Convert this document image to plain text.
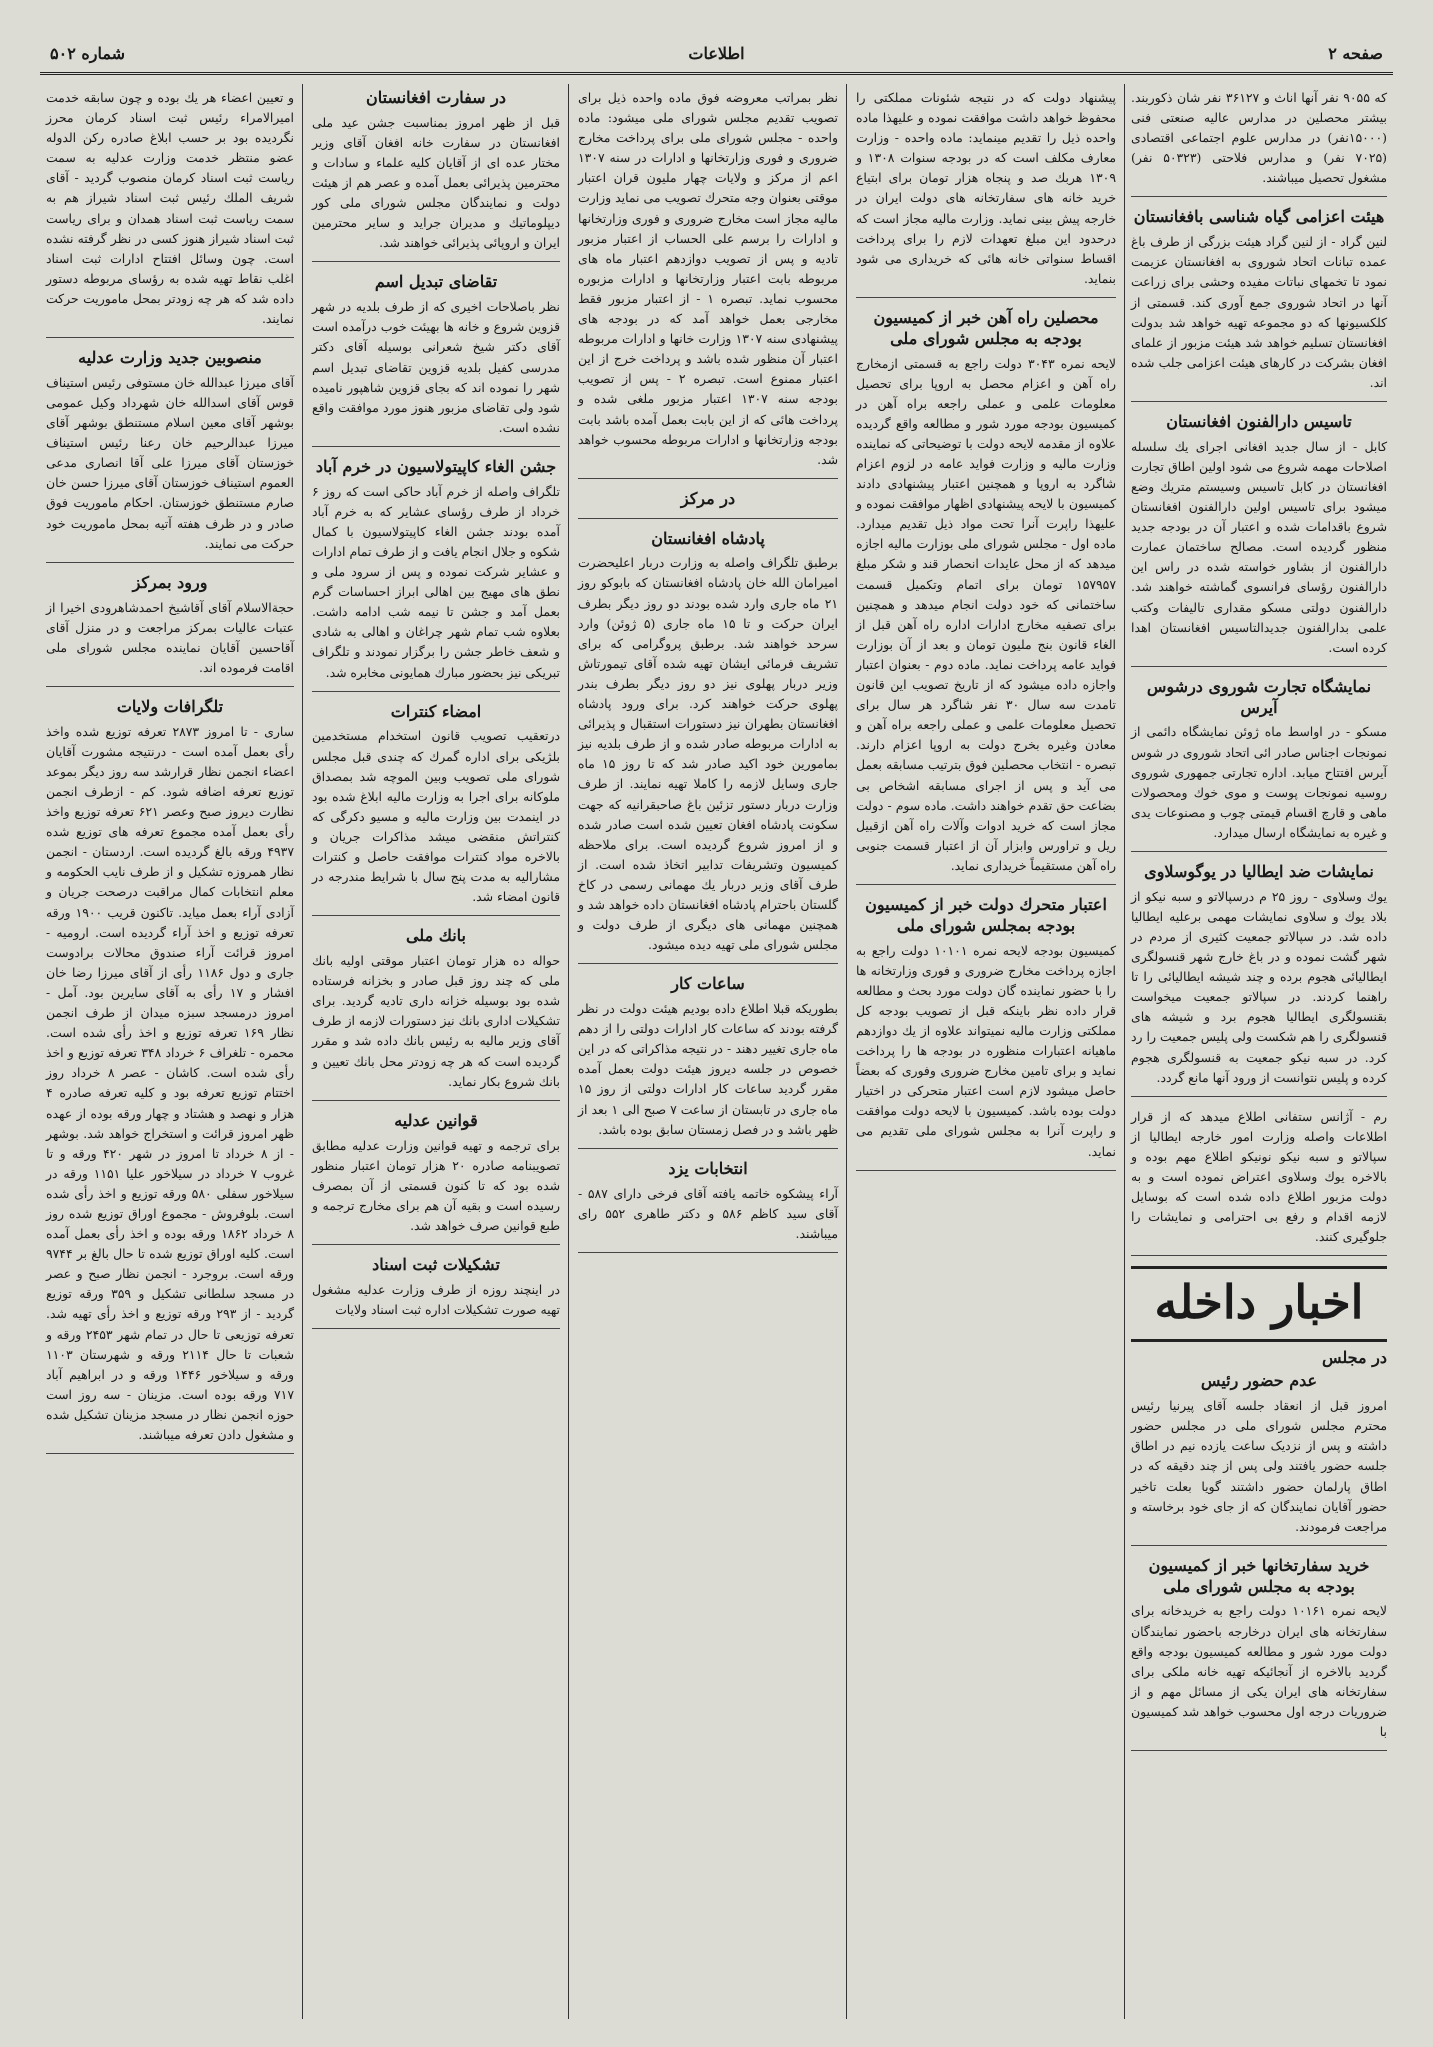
صفحه ۲
اطلاعات
شماره ۵۰۲

که ۹۰۵۵ نفر آنها اناث و ۳۶۱۲۷ نفر شان ذکوربند. بیشتر محصلین در مدارس عالیه صنعتی فنی (۱۵۰۰۰نفر) در مدارس علوم اجتماعی اقتصادی (۷۰۲۵ نفر) و مدارس فلاحتی (۵۰۳۲۳ نفر) مشغول تحصیل میباشند.

هیئت اعزامی گیاه شناسی بافغانستان

لنین گراد - از لنین گراد هیئت بزرگی از طرف باغ عمده تبانات اتحاد شوروی به افغانستان عزیمت نمود تا تخمهای نباتات مفیده وحشی برای زراعت آنها در اتحاد شوروی جمع آوری کند. قسمتی از کلکسیونها که دو مجموعه تهیه خواهد شد بدولت افغانستان تسلیم خواهد شد هیئت مزبور از علمای افغان بشرکت در کارهای هیئت اعزامی جلب شده اند.

تاسیس دارالفنون افغانستان

کابل - از سال جدید افغانی اجرای یك سلسله اصلاحات مهمه شروع می شود اولین اطاق تجارت افغانستان در کابل تاسیس وسیستم متریك وضع میشود برای تاسیس اولین دارالفنون افغانستان شروع باقدامات شده و اعتبار آن در بودجه جدید منظور گردیده است. مصالح ساختمان عمارت دارالفنون از بشاور خواسته شده در راس این دارالفنون رؤسای فرانسوی گماشته خواهند شد. دارالفنون دولتی مسکو مقداری تالیفات وکتب علمی بدارالفنون جدیدالتاسیس افغانستان اهدا کرده است.

نمایشگاه تجارت شوروی درشوس آیرس

مسکو - در اواسط ماه ژوئن نمایشگاه دائمی از نمونجات اجناس صادر ائی اتحاد شوروی در شوس آیرس افتتاح میابد. اداره تجارتی جمهوری شوروی روسیه نمونجات پوست و موی خوك ومحصولات ماهی و قارچ اقسام قیمتی چوب و مصنوعات یدی و غیره به نمایشگاه ارسال میدارد.

نمایشات ضد ایطالیا در یوگوسلاوی

یوك وسلاوی - روز ۲۵ م درسپالاتو و سبه نیکو از بلاد یوك و سلاوی نمایشات مهمی برعلیه ایطالیا داده شد. در سپالاتو جمعیت کثیری از مردم در شهر گشت نموده و در باغ خارج شهر قنسولگری ایطالیائی هجوم برده و چند شیشه ایطالیائی را تا راهنما کردند. در سپالاتو جمعیت میخواست بقنسولگری ایطالیا هجوم برد و شیشه های قنسولگری را هم شکست ولی پلیس جمعیت را رد کرد. در سبه نیکو جمعیت به قنسولگری هجوم کرده و پلیس نتوانست از ورود آنها مانع گردد.

رم - آژانس ستفانی اطلاع میدهد که از قرار اطلاعات واصله وزارت امور خارجه ایطالیا از سپالاتو و سبه نیکو نونیکو اطلاع مهم بوده و بالاخره یوك وسلاوی اعتراض نموده است و به دولت مزبور اطلاع داده شده است که بوسایل لازمه اقدام و رفع بی احترامی و نمایشات را جلوگیری کنند.

اخبار داخله
در مجلس
عدم حضور رئیس

امروز قبل از انعقاد جلسه آقای پیرنیا رئیس محترم مجلس شورای ملی در مجلس حضور داشته و پس از نزدیک ساعت یازده نیم در اطاق جلسه حضور یافتند ولی پس از چند دقیقه که در اطاق پارلمان حضور داشتند گویا بعلت تاخیر حضور آقایان نمایندگان که از جای خود برخاسته و مراجعت فرمودند.

خرید سفارتخانها خبر از کمیسیون بودجه به مجلس شورای ملی

لایحه نمره ۱۰۱۶۱ دولت راجع به خریدخانه برای سفارتخانه های ایران درخارجه باحضور نمایندگان دولت مورد شور و مطالعه کمیسیون بودجه واقع گردید بالاخره از آنجائیکه تهیه خانه ملکی برای سفارتخانه های ایران یکی از مسائل مهم و از ضروریات درجه اول محسوب خواهد شد کمیسیون با

پیشنهاد دولت که در نتیجه شئونات مملکتی را محفوظ خواهد داشت موافقت نموده و علیهذا ماده واحده ذیل را تقدیم مینماید: ماده واحده - وزارت معارف مکلف است که در بودجه سنوات ۱۳۰۸ و ۱۳۰۹ هربك صد و پنجاه هزار تومان برای ابتیاع خرید خانه های سفارتخانه های دولت ایران در خارجه پیش بینی نماید. وزارت مالیه مجاز است که درحدود این مبلغ تعهدات لازم را برای پرداخت اقساط سنواتی خانه هائی که خریداری می شود بنماید.

محصلین راه آهن خبر از کمیسیون بودجه به مجلس شورای ملی

لایحه نمره ۳۰۴۳ دولت راجع به قسمتی ازمخارج راه آهن و اعزام محصل به اروپا برای تحصیل معلومات علمی و عملی راجعه براه آهن در کمیسیون بودجه مورد شور و مطالعه واقع گردیده علاوه از مقدمه لایحه دولت با توضیحاتی که نماینده وزارت مالیه و وزارت فواید عامه در لزوم اعزام شاگرد به اروپا و همچنین اعتبار پیشنهادی دادند کمیسیون با لایحه پیشنهادی اظهار موافقت نموده و علیهذا راپرت آنرا تحت مواد ذیل تقدیم میدارد. ماده اول - مجلس شورای ملی بوزارت مالیه اجازه میدهد که از محل عایدات انحصار قند و شکر مبلغ ۱۵۷۹۵۷ تومان برای اتمام وتکمیل قسمت ساختمانی که خود دولت انجام میدهد و همچنین برای تصفیه مخارج ادارات اداره راه آهن قبل از الغاء قانون بنج ملیون تومان و بعد از آن بوزارت فواید عامه پرداخت نماید. ماده دوم - بعنوان اعتبار واجازه داده میشود که از تاریخ تصویب این قانون تامدت سه سال ۳۰ نفر شاگرد هر سال برای تحصیل معلومات علمی و عملی راجعه براه آهن و معادن وغیره بخرج دولت به اروپا اعزام دارند. تبصره - انتخاب محصلین فوق بترتیب مسابقه بعمل می آید و پس از اجرای مسابقه اشخاص بی بضاعت حق تقدم خواهند داشت. ماده سوم - دولت مجاز است که خرید ادوات وآلات راه آهن ازقبیل ریل و تراورس وابزار آن از اعتبار قسمت جنوبی راه آهن مستقیماً خریداری نماید.

اعتبار متحرك دولت خبر از کمیسیون بودجه بمجلس شورای ملی

کمیسیون بودجه لایحه نمره ۱۰۱۰۱ دولت راجع به اجازه پرداخت مخارج ضروری و فوری وزارتخانه ها را با حضور نماینده گان دولت مورد بحث و مطالعه قرار داده نظر باینکه قبل از تصویب بودجه کل مملکتی وزارت مالیه نمیتواند علاوه از یك دوازدهم ماهیانه اعتبارات منظوره در بودجه ها را پرداخت نماید و برای تامین مخارج ضروری وفوری که بعضاً حاصل میشود لازم است اعتبار متحرکی در اختیار دولت بوده باشد. کمیسیون با لایحه دولت موافقت و راپرت آنرا به مجلس شورای ملی تقدیم می نماید.

نظر بمراتب معروضه فوق ماده واحده ذیل برای تصویب تقدیم مجلس شورای ملی میشود: ماده واحده - مجلس شورای ملی برای پرداخت مخارج ضروری و فوری وزارتخانها و ادارات در سنه ۱۳۰۷ اعم از مرکز و ولایات چهار ملیون قران اعتبار موقتی بعنوان وجه متحرك تصویب می نماید وزارت مالیه مجاز است مخارج ضروری و فوری وزارتخانها و ادارات را برسم علی الحساب از اعتبار مزبور تادیه و پس از تصویب دوازدهم اعتبار ماه های مربوطه بابت اعتبار وزارتخانها و ادارات مزبوره محسوب نماید. تبصره ۱ - از اعتبار مزبور فقط مخارجی بعمل خواهد آمد که در بودجه های پیشنهادی سنه ۱۳۰۷ وزارت خانها و ادارات مربوطه اعتبار آن منظور شده باشد و پرداخت خرج از این اعتبار ممنوع است. تبصره ۲ - پس از تصویب بودجه سنه ۱۳۰۷ اعتبار مزبور ملغی شده و پرداخت هائی که از این بابت بعمل آمده باشد بابت بودجه وزارتخانها و ادارات مربوطه محسوب خواهد شد.

در مرکز

پادشاه افغانستان

برطبق تلگراف واصله به وزارت دربار اعلیحضرت امیرامان الله خان پادشاه افغانستان که بابوکو روز ۲۱ ماه جاری وارد شده بودند دو روز دیگر بطرف ایران حرکت و تا ۱۵ ماه جاری (۵ ژوئن) وارد سرحد خواهند شد. برطبق پروگرامی که برای تشریف فرمائی ایشان تهیه شده آقای تیمورتاش وزیر دربار پهلوی نیز دو روز دیگر بطرف بندر پهلوی حرکت خواهند کرد. برای ورود پادشاه افغانستان بطهران نیز دستورات استقبال و پذیرائی به ادارات مربوطه صادر شده و از طرف بلدیه نیز بمامورین خود اکید صادر شد که تا روز ۱۵ ماه جاری وسایل لازمه را کاملا تهیه نمایند. از طرف وزارت دربار دستور تزئین باغ صاحبقرانیه که جهت سکونت پادشاه افغان تعیین شده است صادر شده و از امروز شروع گردیده است. برای ملاحظه کمیسیون وتشریفات تدابیر اتخاذ شده است. از طرف آقای وزیر دربار یك مهمانی رسمی در کاخ گلستان باحترام پادشاه افغانستان داده خواهد شد و همچنین مهمانی های دیگری از طرف دولت و مجلس شورای ملی تهیه دیده میشود.

ساعات کار

بطوریکه قبلا اطلاع داده بودیم هیئت دولت در نظر گرفته بودند که ساعات کار ادارات دولتی را از دهم ماه جاری تغییر دهند - در نتیجه مذاکراتی که در این خصوص در جلسه دیروز هیئت دولت بعمل آمده مقرر گردید ساعات کار ادارات دولتی از روز ۱۵ ماه جاری در تابستان از ساعت ۷ صبح الی ۱ بعد از ظهر باشد و در فصل زمستان سابق بوده باشد.

انتخابات یزد

آراء پیشکوه خاتمه یافته آقای فرخی دارای ۵۸۷ - آقای سید کاظم ۵۸۶ و دکتر طاهری ۵۵۲ رای میباشند.

در سفارت افغانستان

قبل از ظهر امروز بمناسبت جشن عید ملی افغانستان در سفارت خانه افغان آقای وزیر مختار عده ای از آقایان کلیه علماء و سادات و محترمین پذیرائی بعمل آمده و عصر هم از هیئت دولت و نمایندگان مجلس شورای ملی کور دیپلوماتیك و مدیران جراید و سایر محترمین ایران و اروپائی پذیرائی خواهند شد.

تقاضای تبدیل اسم

نظر باصلاحات اخیری که از طرف بلدیه در شهر قزوین شروع و خانه ها بهیئت خوب درآمده است آقای دکتر شیخ شعرانی بوسیله آقای دکتر مدرسی کفیل بلدیه قزوین تقاضای تبدیل اسم شهر را نموده اند که بجای قزوین شاهپور نامیده شود ولی تقاضای مزبور هنوز مورد موافقت واقع نشده است.

جشن الغاء کاپیتولاسیون در خرم آباد

تلگراف واصله از خرم آباد حاکی است که روز ۶ خرداد از طرف رؤسای عشایر که به خرم آباد آمده بودند جشن الغاء کاپیتولاسیون با کمال شکوه و جلال انجام یافت و از طرف تمام ادارات و عشایر شرکت نموده و پس از سرود ملی و نطق های مهیج بین اهالی ابراز احساسات گرم بعمل آمد و جشن تا نیمه شب ادامه داشت. بعلاوه شب تمام شهر چراغان و اهالی به شادی و شعف خاطر جشن را برگزار نمودند و تلگراف تبریکی نیز بحضور مبارك همایونی مخابره شد.

امضاء کنترات

درتعقیب تصویب قانون استخدام مستخدمین بلژیکی برای اداره گمرك که چندی قبل مجلس شورای ملی تصویب وبین الموچه شد بمصداق ملوکانه برای اجرا به وزارت مالیه ابلاغ شده بود در اینمدت بین وزارت مالیه و مسیو دکرگی که کنتراتش منقضی میشد مذاکرات جریان و بالاخره مواد کنترات موافقت حاصل و کنترات مشارالیه به مدت پنج سال با شرایط مندرجه در قانون امضاء شد.

بانك ملی

حواله ده هزار تومان اعتبار موقتی اولیه بانك ملی که چند روز قبل صادر و بخزانه فرستاده شده بود بوسیله خزانه داری تادیه گردید. برای تشکیلات اداری بانك نیز دستورات لازمه از طرف آقای وزیر مالیه به رئیس بانك داده شد و مقرر گردیده است که هر چه زودتر محل بانك تعیین و بانك شروع بکار نماید.

قوانین عدلیه

برای ترجمه و تهیه قوانین وزارت عدلیه مطابق تصویبنامه صادره ۲۰ هزار تومان اعتبار منظور شده بود که تا کنون قسمتی از آن بمصرف رسیده است و بقیه آن هم برای مخارج ترجمه و طبع قوانین صرف خواهد شد.

تشکیلات ثبت اسناد

در اینچند روزه از طرف وزارت عدلیه مشغول تهیه صورت تشکیلات اداره ثبت اسناد ولایات

و تعیین اعضاء هر یك بوده و چون سابقه خدمت امیرالامراء رئیس ثبت اسناد کرمان محرز نگردیده بود بر حسب ابلاغ صادره رکن الدوله عضو منتظر خدمت وزارت عدلیه به سمت ریاست ثبت اسناد کرمان منصوب گردید - آقای شریف الملك رئیس ثبت اسناد شیراز هم به سمت ریاست ثبت اسناد همدان و برای ریاست ثبت اسناد شیراز هنوز کسی در نظر گرفته نشده است. چون وسائل افتتاح ادارات ثبت اسناد اغلب نقاط تهیه شده به رؤسای مربوطه دستور داده شد که هر چه زودتر بمحل ماموریت حرکت نمایند.

منصوبین جدید وزارت عدلیه

آقای میرزا عبدالله خان مستوفی رئیس استیناف قوس آقای اسدالله خان شهرداد وکیل عمومی بوشهر آقای معین اسلام مستنطق بوشهر آقای میرزا عبدالرحیم خان رعنا رئیس استیناف خوزستان آقای میرزا علی آقا انصاری مدعی العموم استیناف خوزستان آقای میرزا حسن خان صارم مستنطق خوزستان. احکام ماموریت فوق صادر و در ظرف هفته آتیه بمحل ماموریت خود حرکت می نمایند.

ورود بمرکز

حجةالاسلام آقای آقاشیخ احمدشاهرودی اخیرا از عتبات عالیات بمرکز مراجعت و در منزل آقای آقاحسین آقایان نماینده مجلس شورای ملی اقامت فرموده اند.

تلگرافات ولایات

ساری - تا امروز ۲۸۷۳ تعرفه توزیع شده واخذ رأی بعمل آمده است - درنتیجه مشورت آقایان اعضاء انجمن نظار قرارشد سه روز دیگر بموعد توزیع تعرفه اضافه شود. کم - ازطرف انجمن نظارت دیروز صبح وعصر ۶۲۱ تعرفه توزیع واخذ رأی بعمل آمده مجموع تعرفه های توزیع شده ۴۹۳۷ ورقه بالغ گردیده است. اردستان - انجمن نظار همروزه تشکیل و از طرف نایب الحکومه و معلم انتخابات کمال مراقبت درصحت جریان و آزادی آراء بعمل میاید. تاکنون قریب ۱۹۰۰ ورقه تعرفه توزیع و اخذ آراء گردیده است. ارومیه - امروز قرائت آراء صندوق محالات برادوست جاری و دول ۱۱۸۶ رأی از آقای میرزا رضا خان افشار و ۱۷ رأی به آقای سایرین بود. آمل - امروز درمسجد سبزه میدان از طرف انجمن نظار ۱۶۹ تعرفه توزیع و اخذ رأی شده است. محمره - تلغراف ۶ خرداد ۳۴۸ تعرفه توزیع و اخذ رأی شده است. کاشان - عصر ۸ خرداد روز اختتام توزیع تعرفه بود و کلیه تعرفه صادره ۴ هزار و نهصد و هشتاد و چهار ورقه بوده از عهده ظهر امروز قرائت و استخراج خواهد شد. بوشهر - از ۸ خرداد تا امروز در شهر ۴۲۰ ورقه و تا غروب ۷ خرداد در سیلاخور علیا ۱۱۵۱ ورقه در سیلاخور سفلی ۵۸۰ ورقه توزیع و اخذ رأی شده است. بلوفروش - مجموع اوراق توزیع شده روز ۸ خرداد ۱۸۶۲ ورقه بوده و اخذ رأی بعمل آمده است. کلیه اوراق توزیع شده تا حال بالغ بر ۹۷۴۴ ورقه است. بروجرد - انجمن نظار صبح و عصر در مسجد سلطانی تشکیل و ۳۵۹ ورقه توزیع گردید - از ۲۹۳ ورقه توزیع و اخذ رأی تهیه شد. تعرفه توزیعی تا حال در تمام شهر ۲۴۵۳ ورقه و شعبات تا حال ۲۱۱۴ ورقه و شهرستان ۱۱۰۳ ورقه و سیلاخور ۱۴۴۶ ورقه و در ابراهیم آباد ۷۱۷ ورقه بوده است. مزینان - سه روز است حوزه انجمن نظار در مسجد مزینان تشکیل شده و مشغول دادن تعرفه میباشند.
